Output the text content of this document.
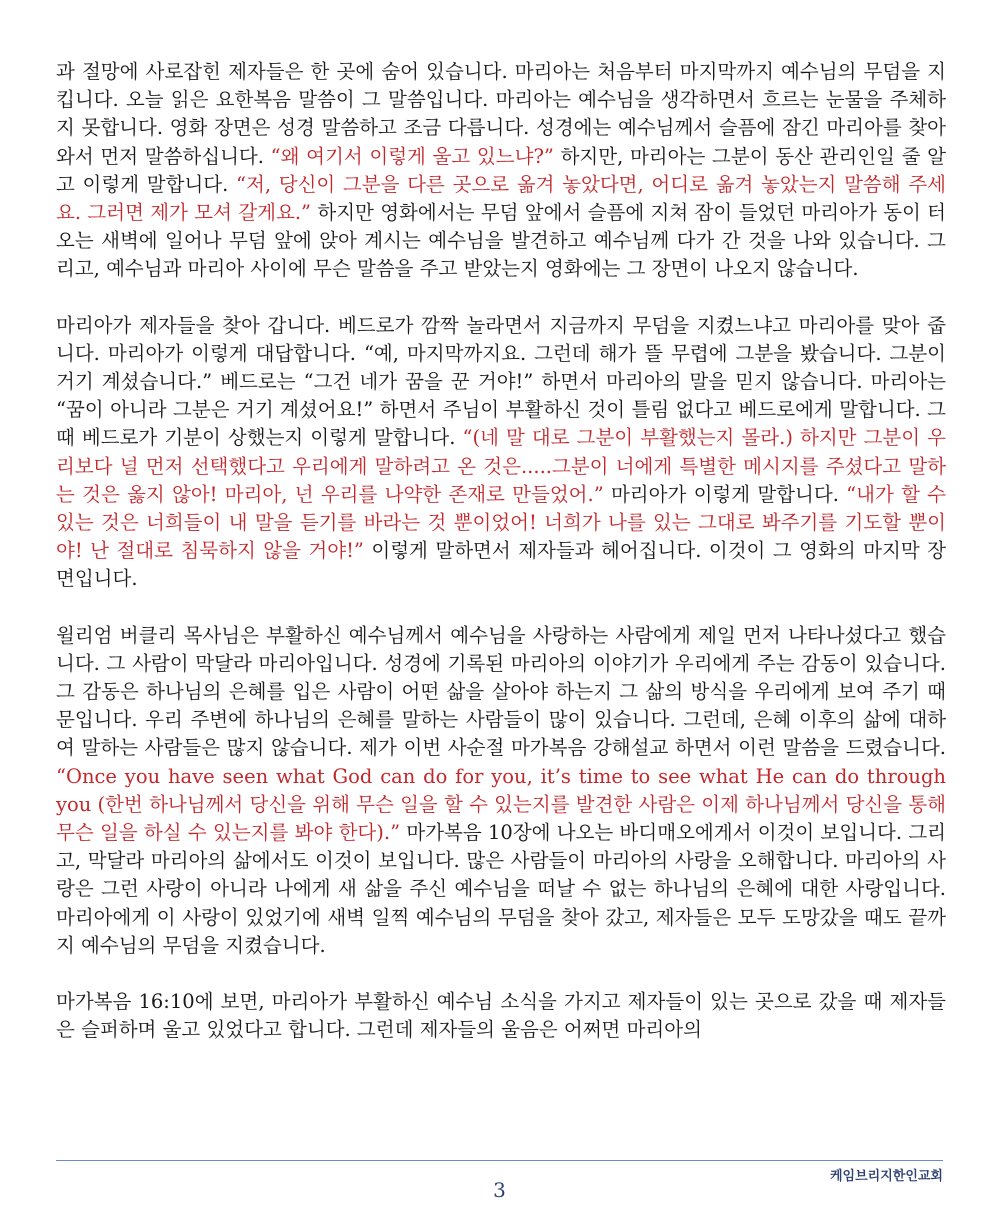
과 절망에 사로잡힌 제자들은 한 곳에 숨어 있습니다. 마리아는 처음부터 마지막까지 예수님의 무덤을 지킵니다. 오늘 읽은 요한복음 말씀이 그 말씀입니다. 마리아는 예수님을 생각하면서 흐르는 눈물을 주체하지 못합니다. 영화 장면은 성경 말씀하고 조금 다릅니다. 성경에는 예수님께서 슬픔에 잠긴 마리아를 찾아 와서 먼저 말씀하십니다. “왜 여기서 이렇게 울고 있느냐?” 하지만, 마리아는 그분이 동산 관리인일 줄 알고 이렇게 말합니다. “저, 당신이 그분을 다른 곳으로 옮겨 놓았다면, 어디로 옮겨 놓았는지 말씀해 주세요. 그러면 제가 모셔 갈게요.” 하지만 영화에서는 무덤 앞에서 슬픔에 지쳐 잠이 들었던 마리아가 동이 터오는 새벽에 일어나 무덤 앞에 앉아 계시는 예수님을 발견하고 예수님께 다가 간 것을 나와 있습니다. 그리고, 예수님과 마리아 사이에 무슨 말씀을 주고 받았는지 영화에는 그 장면이 나오지 않습니다.

마리아가 제자들을 찾아 갑니다. 베드로가 깜짝 놀라면서 지금까지 무덤을 지켰느냐고 마리아를 맞아 줍니다. 마리아가 이렇게 대답합니다. “예, 마지막까지요. 그런데 해가 뜰 무렵에 그분을 봤습니다. 그분이 거기 계셨습니다.” 베드로는 “그건 네가 꿈을 꾼 거야!” 하면서 마리아의 말을 믿지 않습니다. 마리아는 “꿈이 아니라 그분은 거기 계셨어요!” 하면서 주님이 부활하신 것이 틀림 없다고 베드로에게 말합니다. 그 때 베드로가 기분이 상했는지 이렇게 말합니다. “(네 말 대로 그분이 부활했는지 몰라.) 하지만 그분이 우리보다 널 먼저 선택했다고 우리에게 말하려고 온 것은.....그분이 너에게 특별한 메시지를 주셨다고 말하는 것은 옳지 않아! 마리아, 넌 우리를 나약한 존재로 만들었어.” 마리아가 이렇게 말합니다. “내가 할 수 있는 것은 너희들이 내 말을 듣기를 바라는 것 뿐이었어! 너희가 나를 있는 그대로 봐주기를 기도할 뿐이야! 난 절대로 침묵하지 않을 거야!” 이렇게 말하면서 제자들과 헤어집니다. 이것이 그 영화의 마지막 장면입니다.

윌리엄 버클리 목사님은 부활하신 예수님께서 예수님을 사랑하는 사람에게 제일 먼저 나타나셨다고 했습니다. 그 사람이 막달라 마리아입니다. 성경에 기록된 마리아의 이야기가 우리에게 주는 감동이 있습니다. 그 감동은 하나님의 은혜를 입은 사람이 어떤 삶을 살아야 하는지 그 삶의 방식을 우리에게 보여 주기 때문입니다. 우리 주변에 하나님의 은혜를 말하는 사람들이 많이 있습니다. 그런데, 은혜 이후의 삶에 대하여 말하는 사람들은 많지 않습니다. 제가 이번 사순절 마가복음 강해설교 하면서 이런 말씀을 드렸습니다. “Once you have seen what God can do for you, it’s time to see what He can do through you (한번 하나님께서 당신을 위해 무슨 일을 할 수 있는지를 발견한 사람은 이제 하나님께서 당신을 통해 무슨 일을 하실 수 있는지를 봐야 한다).” 마가복음 10장에 나오는 바디매오에게서 이것이 보입니다. 그리고, 막달라 마리아의 삶에서도 이것이 보입니다. 많은 사람들이 마리아의 사랑을 오해합니다. 마리아의 사랑은 그런 사랑이 아니라 나에게 새 삶을 주신 예수님을 떠날 수 없는 하나님의 은혜에 대한 사랑입니다. 마리아에게 이 사랑이 있었기에 새벽 일찍 예수님의 무덤을 찾아 갔고, 제자들은 모두 도망갔을 때도 끝까지 예수님의 무덤을 지켰습니다.

마가복음 16:10에 보면, 마리아가 부활하신 예수님 소식을 가지고 제자들이 있는 곳으로 갔을 때 제자들은 슬퍼하며 울고 있었다고 합니다. 그런데 제자들의 울음은 어쩌면 마리아의

케임브리지한인교회
3
